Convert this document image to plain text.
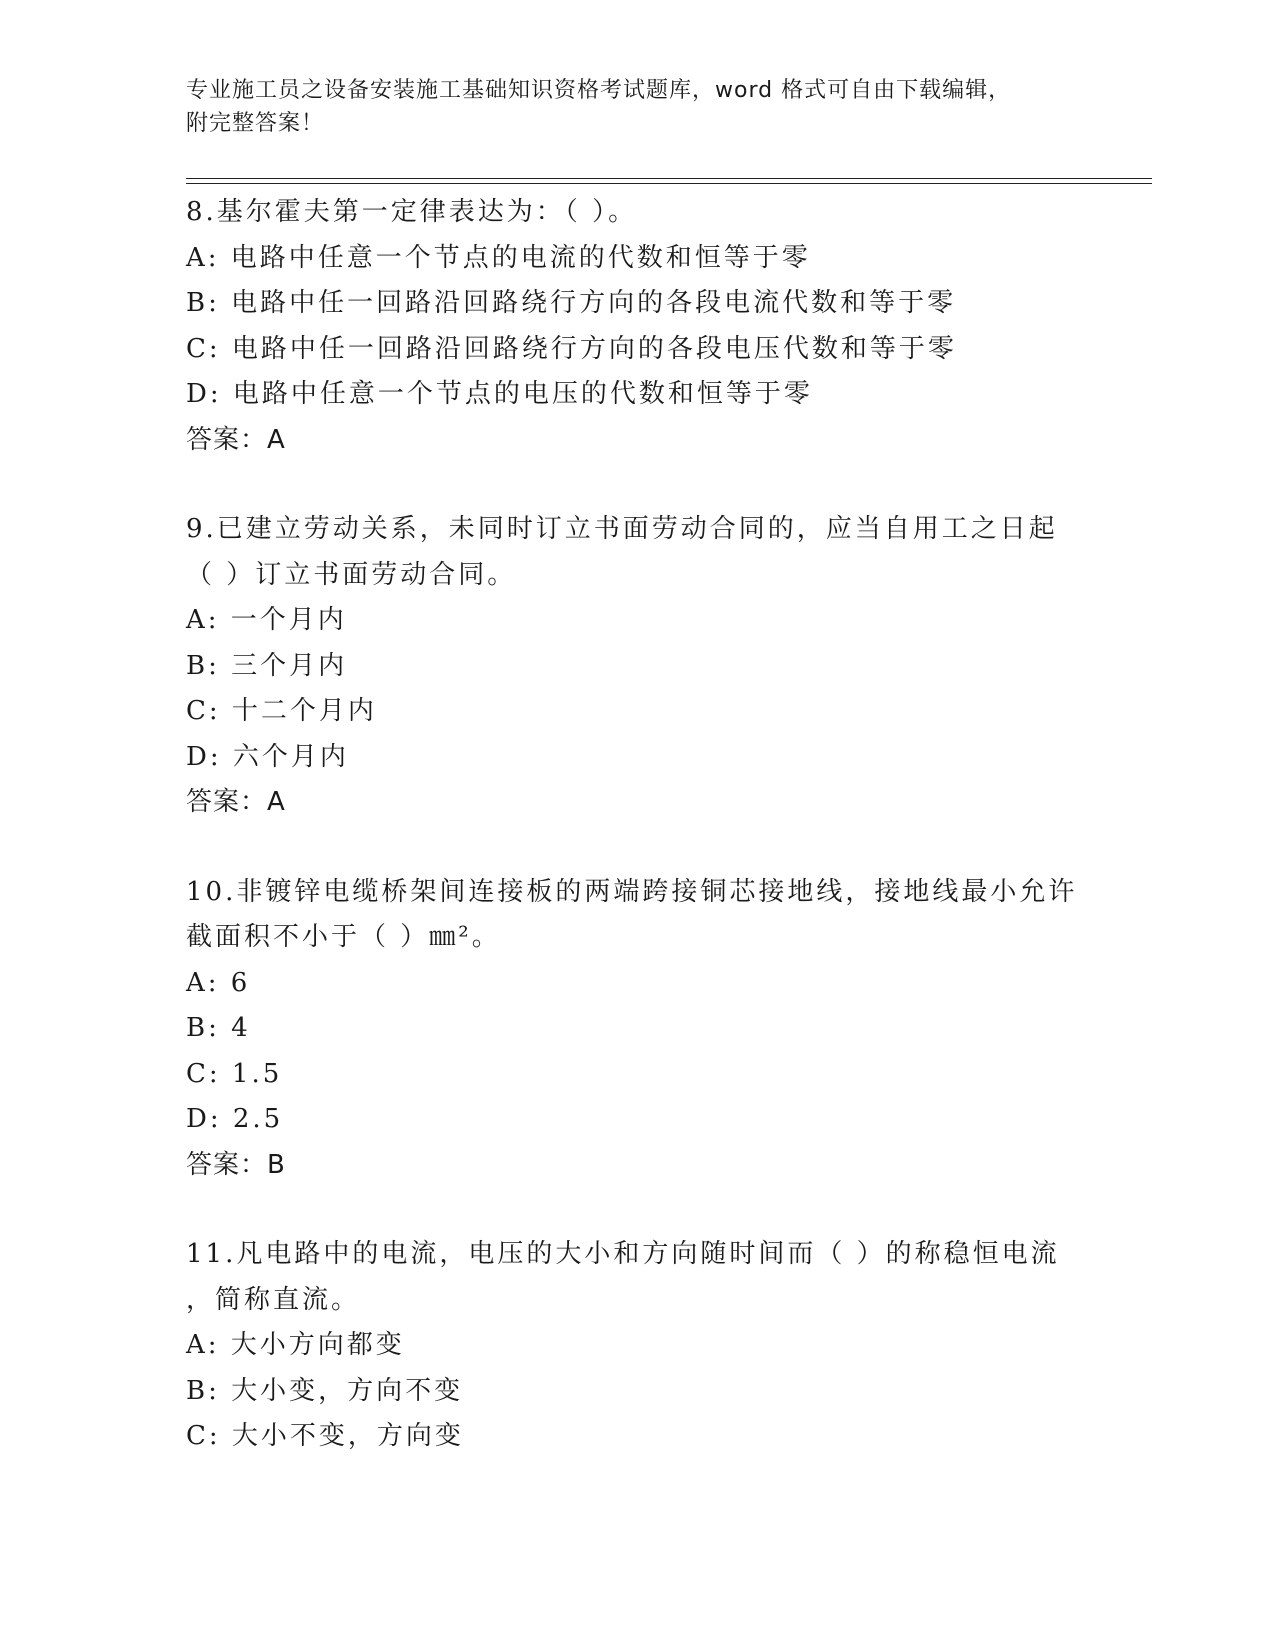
专业施工员之设备安装施工基础知识资格考试题库，word 格式可自由下载编辑，
附完整答案！
8.基尔霍夫第一定律表达为：（ ）。
A: 电路中任意一个节点的电流的代数和恒等于零
B: 电路中任一回路沿回路绕行方向的各段电流代数和等于零
C: 电路中任一回路沿回路绕行方向的各段电压代数和等于零
D: 电路中任意一个节点的电压的代数和恒等于零
答案：A
9.已建立劳动关系，未同时订立书面劳动合同的，应当自用工之日起
（ ）订立书面劳动合同。
A: 一个月内
B: 三个月内
C: 十二个月内
D: 六个月内
答案：A
10.非镀锌电缆桥架间连接板的两端跨接铜芯接地线，接地线最小允许
截面积不小于（ ）㎜²。
A: 6
B: 4
C: 1.5
D: 2.5
答案：B
11.凡电路中的电流，电压的大小和方向随时间而（ ）的称稳恒电流
，简称直流。
A: 大小方向都变
B: 大小变，方向不变
C: 大小不变，方向变
